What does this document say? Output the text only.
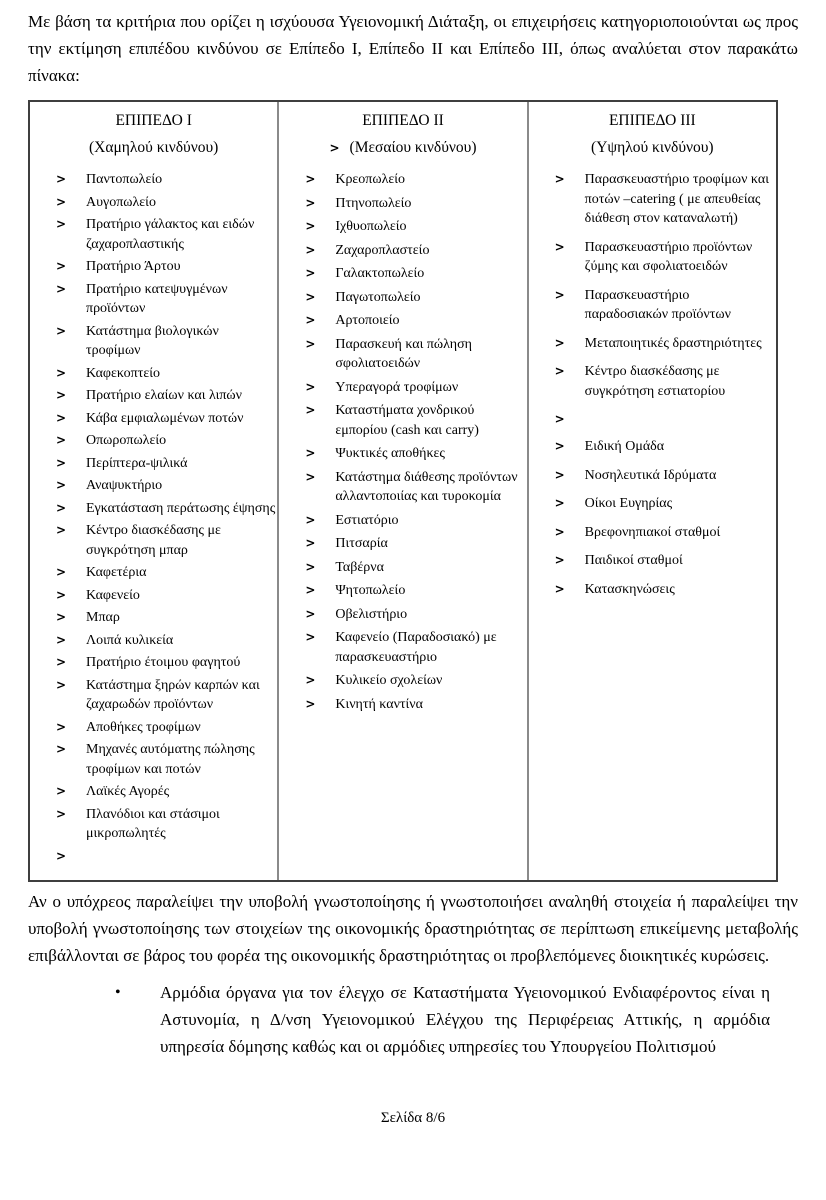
Με βάση τα κριτήρια που ορίζει η ισχύουσα Υγειονομική Διάταξη, οι επιχειρήσεις κατηγοριοποιούνται ως προς την εκτίμηση επιπέδου κινδύνου σε Επίπεδο Ι, Επίπεδο ΙΙ και Επίπεδο ΙΙΙ, όπως αναλύεται στον παρακάτω πίνακα:

ΕΠΙΠΕΔΟ Ι
(Χαμηλού κινδύνου)
>	Παντοπωλείο
>	Αυγοπωλείο
>	Πρατήριο γάλακτος και ειδών ζαχαροπλαστικής
>	Πρατήριο Άρτου
>	Πρατήριο κατεψυγμένων προϊόντων
>	Κατάστημα βιολογικών τροφίμων
>	Καφεκοπτείο
>	Πρατήριο ελαίων και λιπών
>	Κάβα εμφιαλωμένων ποτών
>	Οπωροπωλείο
>	Περίπτερα-ψιλικά
>	Αναψυκτήριο
>	Εγκατάσταση περάτωσης έψησης
>	Κέντρο διασκέδασης με συγκρότηση μπαρ
>	Καφετέρια
>	Καφενείο
>	Μπαρ
>	Λοιπά κυλικεία
>	Πρατήριο έτοιμου φαγητού
>	Κατάστημα ξηρών καρπών και ζαχαρωδών προϊόντων
>	Αποθήκες τροφίμων
>	Μηχανές αυτόματης πώλησης τροφίμων και ποτών
>	Λαϊκές Αγορές
>	Πλανόδιοι και στάσιμοι μικροπωλητές
>
ΕΠΙΠΕΔΟ ΙΙ
> (Μεσαίου κινδύνου)
>	Κρεοπωλείο
>	Πτηνοπωλείο
>	Ιχθυοπωλείο
>	Ζαχαροπλαστείο
>	Γαλακτοπωλείο
>	Παγωτοπωλείο
>	Αρτοποιείο
>	Παρασκευή και πώληση σφολιατοειδών
>	Υπεραγορά τροφίμων
>	Καταστήματα χονδρικού εμπορίου (cash και carry)
>	Ψυκτικές αποθήκες
>	Κατάστημα διάθεσης προϊόντων αλλαντοποιίας και τυροκομία
>	Εστιατόριο
>	Πιτσαρία
>	Ταβέρνα
>	Ψητοπωλείο
>	Οβελιστήριο
>	Καφενείο (Παραδοσιακό) με παρασκευαστήριο
>	Κυλικείο σχολείων
>	Κινητή καντίνα
ΕΠΙΠΕΔΟ ΙΙΙ
(Υψηλού κινδύνου)
>	Παρασκευαστήριο τροφίμων και ποτών –catering ( με απευθείας διάθεση στον καταναλωτή)
>	Παρασκευαστήριο προϊόντων ζύμης και σφολιατοειδών
>	Παρασκευαστήριο παραδοσιακών προϊόντων
>	Μεταποιητικές δραστηριότητες
>	Κέντρο διασκέδασης με συγκρότηση εστιατορίου
>
>	Ειδική Ομάδα
>	Νοσηλευτικά Ιδρύματα
>	Οίκοι Ευγηρίας
>	Βρεφονηπιακοί σταθμοί
>	Παιδικοί σταθμοί
>	Κατασκηνώσεις

Αν ο υπόχρεος παραλείψει την υποβολή γνωστοποίησης ή γνωστοποιήσει αναληθή στοιχεία ή παραλείψει την υποβολή γνωστοποίησης των στοιχείων της οικονομικής δραστηριότητας σε περίπτωση επικείμενης μεταβολής επιβάλλονται σε βάρος του φορέα της οικονομικής δραστηριότητας οι προβλεπόμενες διοικητικές κυρώσεις.

•	Αρμόδια όργανα για τον έλεγχο σε Καταστήματα Υγειονομικού Ενδιαφέροντος είναι η Αστυνομία, η Δ/νση Υγειονομικού Ελέγχου της Περιφέρειας Αττικής, η αρμόδια υπηρεσία δόμησης καθώς και οι αρμόδιες υπηρεσίες του Υπουργείου Πολιτισμού

Σελίδα 8/6
